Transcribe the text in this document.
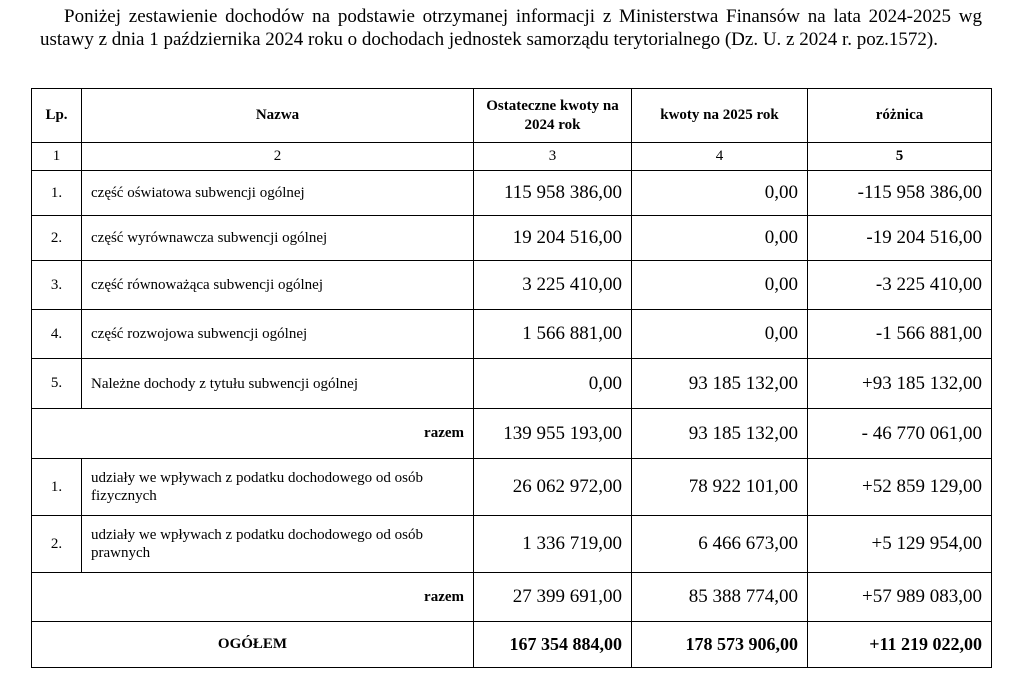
Poniżej zestawienie dochodów na podstawie otrzymanej informacji z Ministerstwa Finansów na lata 2024-2025 wg ustawy z dnia 1 października 2024 roku o dochodach jednostek samorządu terytorialnego (Dz. U. z 2024 r. poz.1572).

Lp.	Nazwa	Ostateczne kwoty na 2024 rok	kwoty na 2025 rok	różnica
1	2	3	4	5
1.	część oświatowa subwencji ogólnej	115 958 386,00	0,00	-115 958 386,00
2.	część wyrównawcza subwencji ogólnej	19 204 516,00	0,00	-19 204 516,00
3.	część równoważąca subwencji ogólnej	3 225 410,00	0,00	-3 225 410,00
4.	część rozwojowa subwencji ogólnej	1 566 881,00	0,00	-1 566 881,00
5.	Należne dochody z tytułu subwencji ogólnej	0,00	93 185 132,00	+93 185 132,00
razem		139 955 193,00	93 185 132,00	- 46 770 061,00
1.	udziały we wpływach z podatku dochodowego od osób fizycznych	26 062 972,00	78 922 101,00	+52 859 129,00
2.	udziały we wpływach z podatku dochodowego od osób prawnych	1 336 719,00	6 466 673,00	+5 129 954,00
razem		27 399 691,00	85 388 774,00	+57 989 083,00
OGÓŁEM		167 354 884,00	178 573 906,00	+11 219 022,00
